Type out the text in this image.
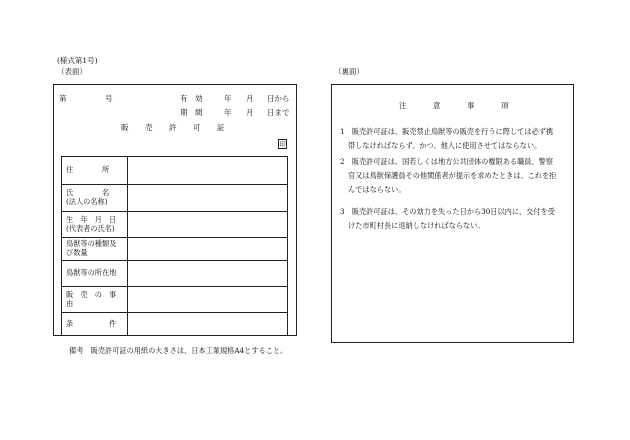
(様式第1号)
（表面）	（裏面）
第	号	有 効	年 月 日から
期 間	年 月 日まで
販 売 許 可 証
印
住　　　　所
氏　　　　名
(法人の名称)
生　年　月　日
(代表者の氏名)
鳥獣等の種類及
び数量
鳥獣等の所在地
販　売　の　事　由
条　　　　　件
備考　販売許可証の用紙の大きさは、日本工業規格A4とすること。
注	意	事	項
1　販売許可証は、販売禁止鳥獣等の販売を行うに際しては必ず携
帯しなければならず、かつ、他人に使用させてはならない。
2　販売許可証は、国若しくは地方公共団体の権限ある職員、警察
官又は鳥獣保護員その他関係者が提示を求めたときは、これを拒
んではならない。
3　販売許可証は、その効力を失った日から30日以内に、交付を受
けた市町村長に返納しなければならない。
